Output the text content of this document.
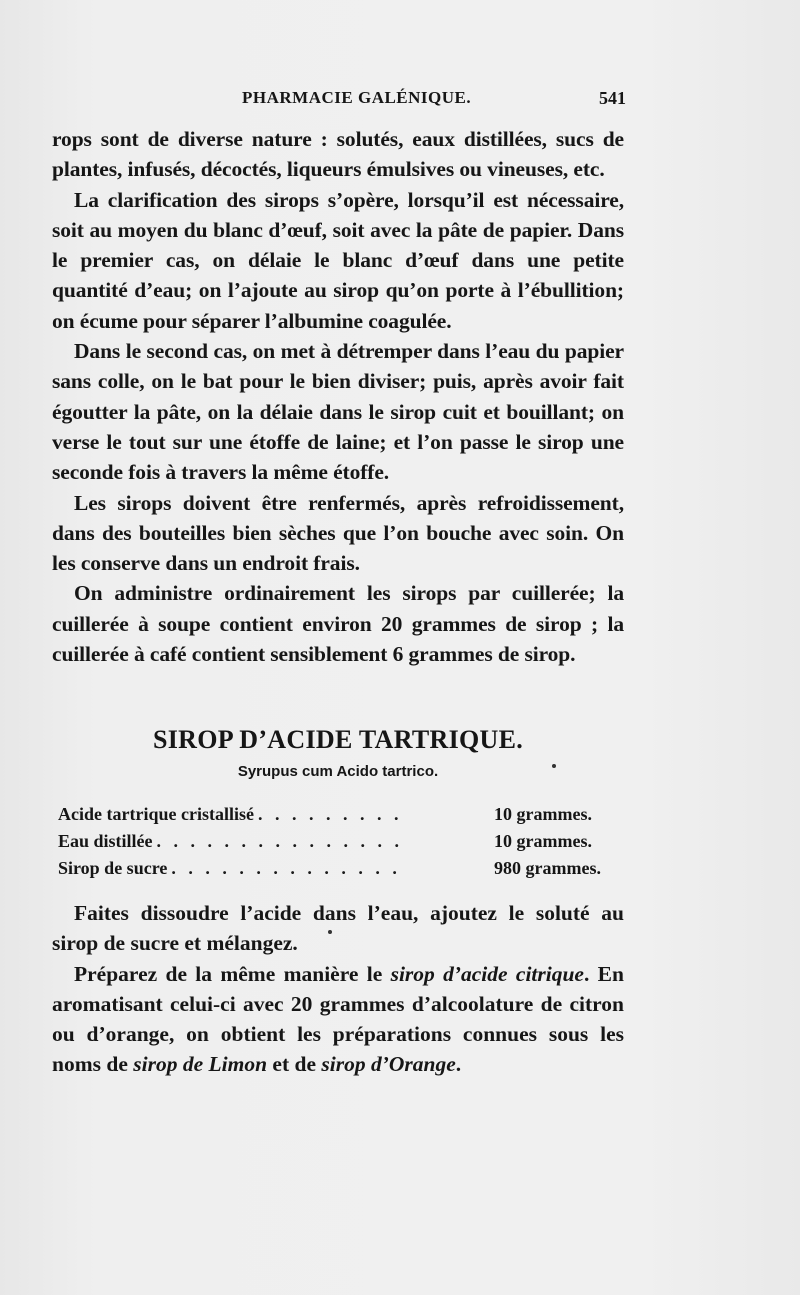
PHARMACIE GALÉNIQUE.	541

rops sont de diverse nature : solutés, eaux distillées, sucs de plantes, infusés, décoctés, liqueurs émulsives ou vineuses, etc.

La clarification des sirops s’opère, lorsqu’il est nécessaire, soit au moyen du blanc d’œuf, soit avec la pâte de papier. Dans le premier cas, on délaie le blanc d’œuf dans une petite quantité d’eau; on l’ajoute au sirop qu’on porte à l’ébullition; on écume pour séparer l’albumine coagulée.

Dans le second cas, on met à détremper dans l’eau du papier sans colle, on le bat pour le bien diviser; puis, après avoir fait égoutter la pâte, on la délaie dans le sirop cuit et bouillant; on verse le tout sur une étoffe de laine; et l’on passe le sirop une seconde fois à travers la même étoffe.

Les sirops doivent être renfermés, après refroidissement, dans des bouteilles bien sèches que l’on bouche avec soin. On les conserve dans un endroit frais.

On administre ordinairement les sirops par cuillerée; la cuillerée à soupe contient environ 20 grammes de sirop ; la cuillerée à café contient sensiblement 6 grammes de sirop.

SIROP D’ACIDE TARTRIQUE.
Syrupus cum Acido tartrico.
Acide tartrique cristallisé . . . . . . . . .	10 grammes.
Eau distillée . . . . . . . . . . . . . . .	10 grammes.
Sirop de sucre . . . . . . . . . . . . . .	980 grammes.

Faites dissoudre l’acide dans l’eau, ajoutez le soluté au sirop de sucre et mélangez.

Préparez de la même manière le sirop d’acide citrique. En aromatisant celui-ci avec 20 grammes d’alcoolature de citron ou d’orange, on obtient les préparations connues sous les noms de sirop de Limon et de sirop d’Orange.
